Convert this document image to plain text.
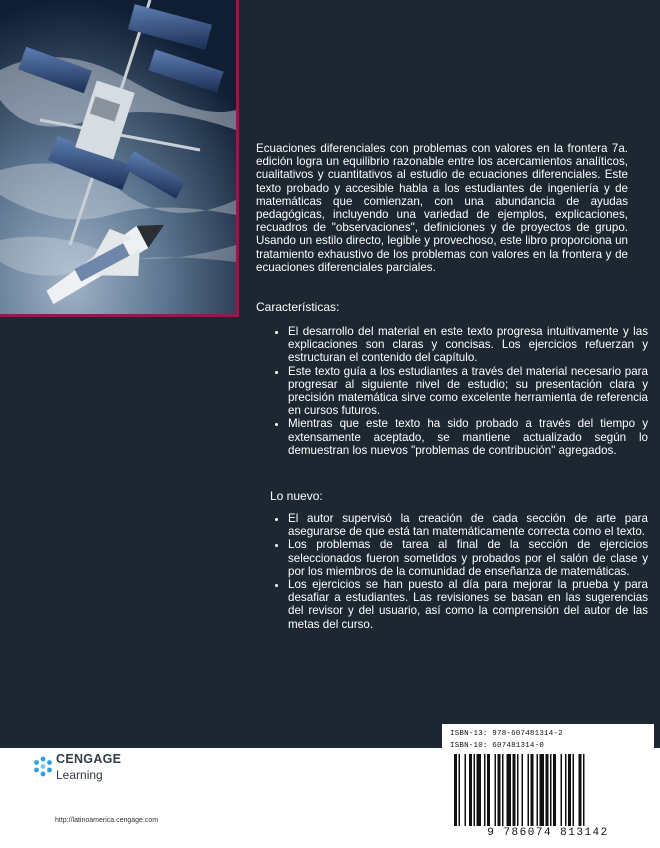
Ecuaciones diferenciales con problemas con valores en la frontera 7a. edición logra un equilibrio razonable entre los acercamientos analíticos, cualitativos y cuantitativos al estudio de ecuaciones diferenciales. Este texto probado y accesible habla a los estudiantes de ingeniería y de matemáticas que comienzan, con una abundancia de ayudas pedagógicas, incluyendo una variedad de ejemplos, explicaciones, recuadros de "observaciones", definiciones y de proyectos de grupo. Usando un estilo directo, legible y provechoso, este libro proporciona un tratamiento exhaustivo de los problemas con valores en la frontera y de ecuaciones diferenciales parciales.

Características:

• El desarrollo del material en este texto progresa intuitivamente y las explicaciones son claras y concisas. Los ejercicios refuerzan y estructuran el contenido del capítulo.
• Este texto guía a los estudiantes a través del material necesario para progresar al siguiente nivel de estudio; su presentación clara y precisión matemática sirve como excelente herramienta de referencia en cursos futuros.
• Mientras que este texto ha sido probado a través del tiempo y extensamente aceptado, se mantiene actualizado según lo demuestran los nuevos "problemas de contribución" agregados.

Lo nuevo:

• El autor supervisó la creación de cada sección de arte para asegurarse de que está tan matemáticamente correcta como el texto.
• Los problemas de tarea al final de la sección de ejercicios seleccionados fueron sometidos y probados por el salón de clase y por los miembros de la comunidad de enseñanza de matemáticas.
• Los ejercicios se han puesto al día para mejorar la prueba y para desafiar a estudiantes. Las revisiones se basan en las sugerencias del revisor y del usuario, así como la comprensión del autor de las metas del curso.
ISBN-13: 978-607481314-2
ISBN-10: 607481314-0
9 786074 813142
CENGAGE
Learning
http://latinoamerica.cengage.com
